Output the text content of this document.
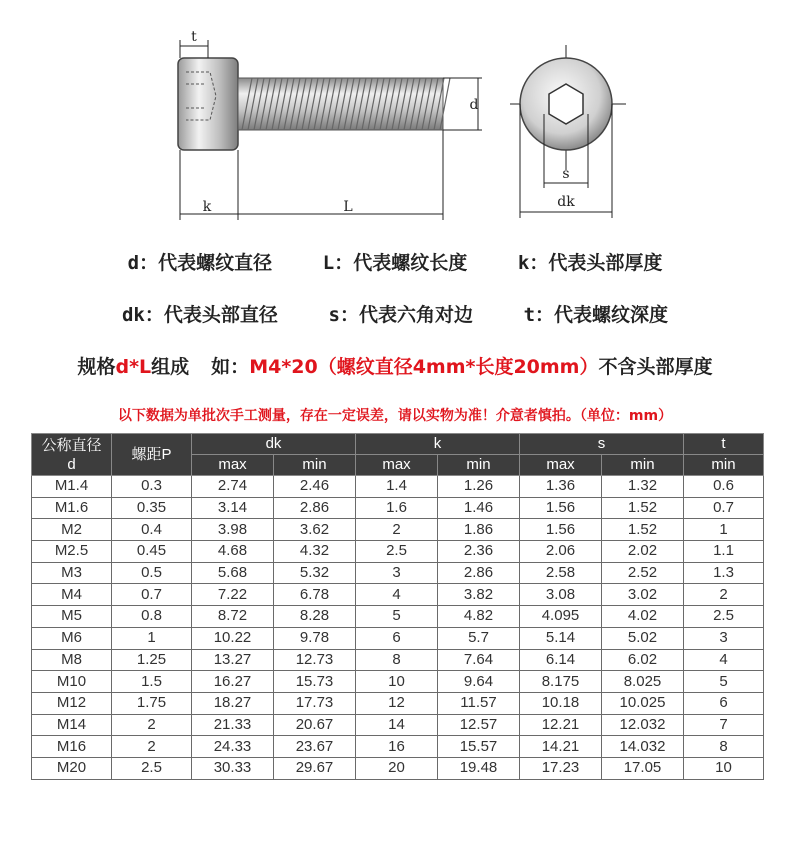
t
d
k	L
s
dk
d：代表螺纹直径	L：代表螺纹长度	k：代表头部厚度
dk：代表头部直径	s：代表六角对边	t：代表螺纹深度
规格d*L组成 如：M4*20（螺纹直径4mm*长度20mm）不含头部厚度
以下数据为单批次手工测量，存在一定误差，请以实物为准！介意者慎拍。（单位：mm）
公称直径
d	螺距P	dk		k		s		t
		max	min	max	min	max	min	min
M1.4	0.3	2.74	2.46	1.4	1.26	1.36	1.32	0.6
M1.6	0.35	3.14	2.86	1.6	1.46	1.56	1.52	0.7
M2	0.4	3.98	3.62	2	1.86	1.56	1.52	1
M2.5	0.45	4.68	4.32	2.5	2.36	2.06	2.02	1.1
M3	0.5	5.68	5.32	3	2.86	2.58	2.52	1.3
M4	0.7	7.22	6.78	4	3.82	3.08	3.02	2
M5	0.8	8.72	8.28	5	4.82	4.095	4.02	2.5
M6	1	10.22	9.78	6	5.7	5.14	5.02	3
M8	1.25	13.27	12.73	8	7.64	6.14	6.02	4
M10	1.5	16.27	15.73	10	9.64	8.175	8.025	5
M12	1.75	18.27	17.73	12	11.57	10.18	10.025	6
M14	2	21.33	20.67	14	12.57	12.21	12.032	7
M16	2	24.33	23.67	16	15.57	14.21	14.032	8
M20	2.5	30.33	29.67	20	19.48	17.23	17.05	10
